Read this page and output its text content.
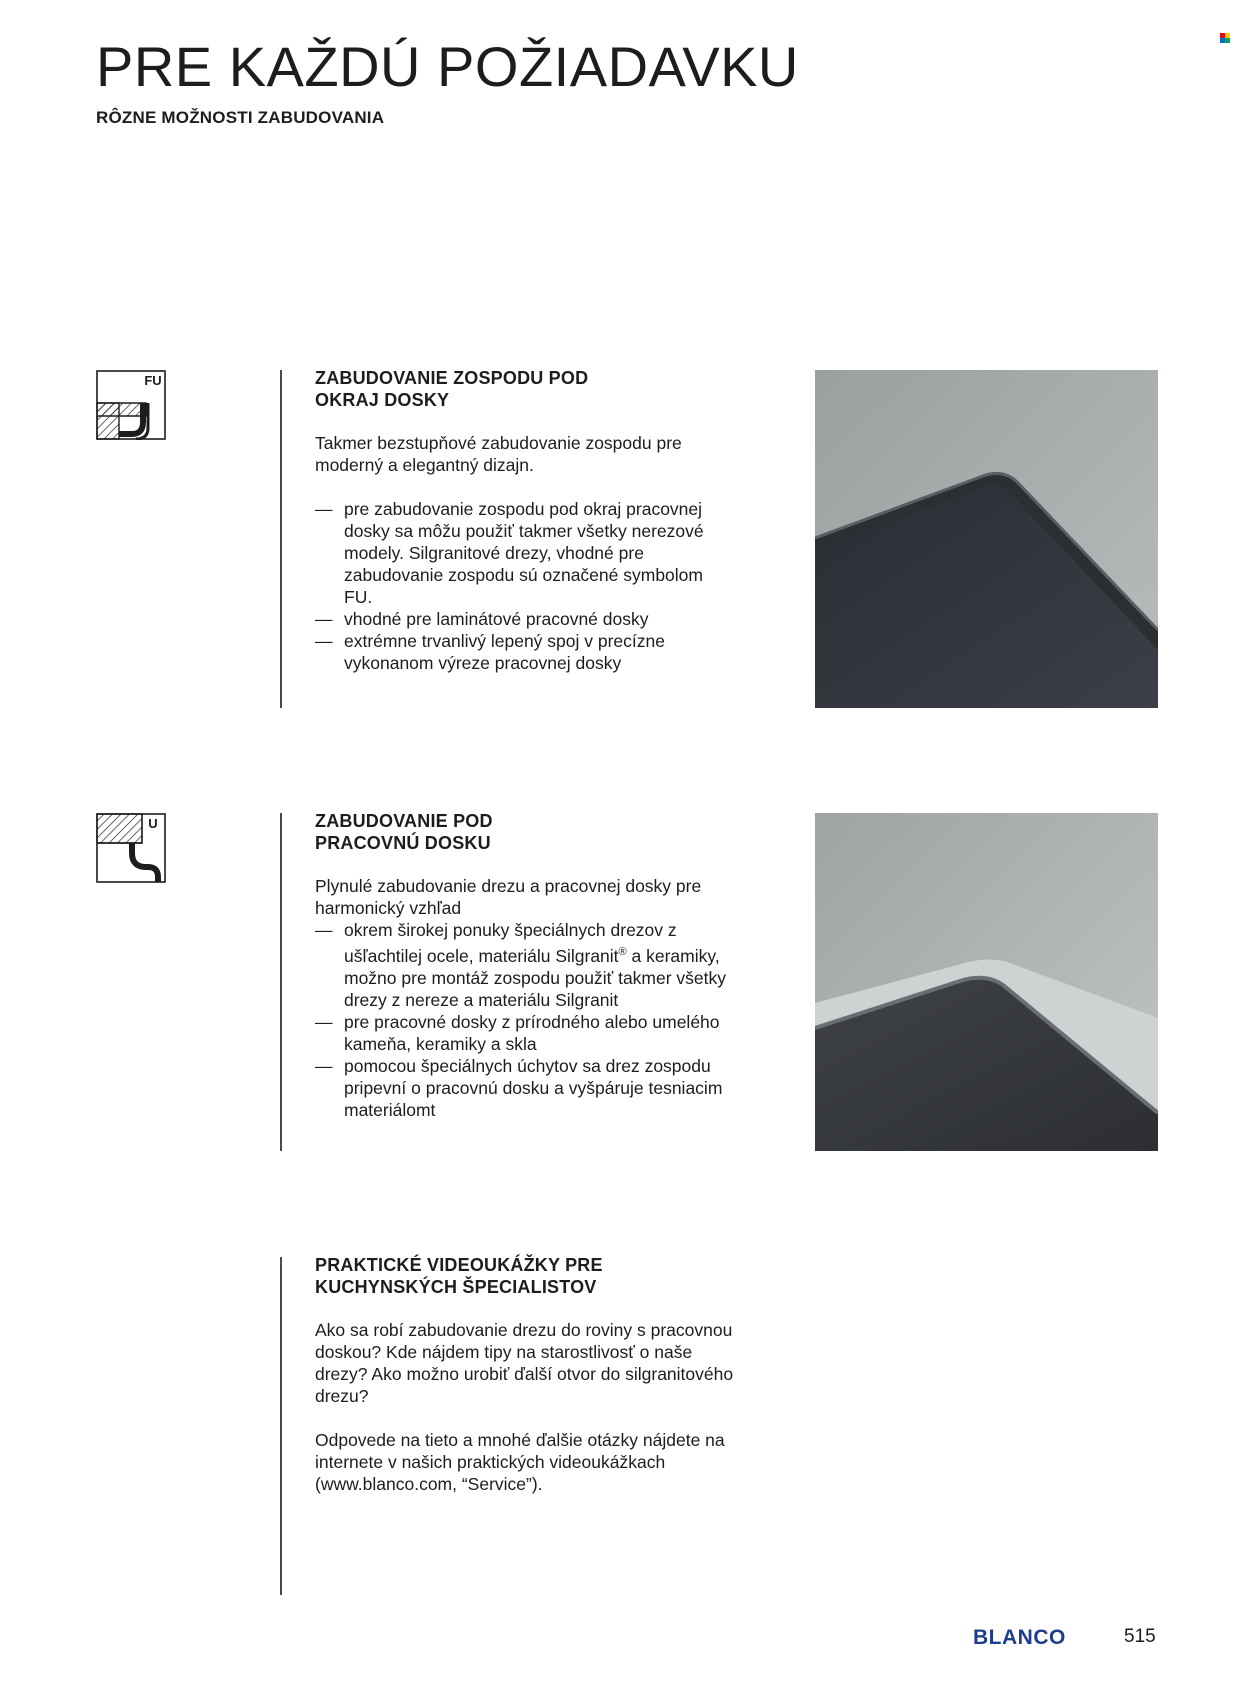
PRE KAŽDÚ POŽIADAVKU
RÔZNE MOŽNOSTI ZABUDOVANIA
FU	ZABUDOVANIE ZOSPODU POD
OKRAJ DOSKY

Takmer bezstupňové zabudovanie zospodu pre moderný a elegantný dizajn.

— pre zabudovanie zospodu pod okraj pracovnej dosky sa môžu použiť takmer všetky nerezové modely. Silgranitové drezy, vhodné pre zabudovanie zospodu sú označené symbolom FU.
— vhodné pre laminátové pracovné dosky
— extrémne trvanlivý lepený spoj v precízne vykonanom výreze pracovnej dosky
U	ZABUDOVANIE POD
PRACOVNÚ DOSKU

Plynulé zabudovanie drezu a pracovnej dosky pre harmonický vzhľad

— okrem širokej ponuky špeciálnych drezov z ušľachtilej ocele, materiálu Silgranit® a keramiky, možno pre montáž zospodu použiť takmer všetky drezy z nereze a materiálu Silgranit
— pre pracovné dosky z prírodného alebo umelého kameňa, keramiky a skla
— pomocou špeciálnych úchytov sa drez zospodu pripevní o pracovnú dosku a vyšpáruje tesniacim materiálomt
PRAKTICKÉ VIDEOUKÁŽKY PRE
KUCHYNSKÝCH ŠPECIALISTOV

Ako sa robí zabudovanie drezu do roviny s pracovnou doskou? Kde nájdem tipy na starostlivosť o naše drezy? Ako možno urobiť ďalší otvor do silgranitového drezu?

Odpovede na tieto a mnohé ďalšie otázky nájdete na internete v našich praktických videoukážkach (www.blanco.com, “Service”).

BLANCO	515
